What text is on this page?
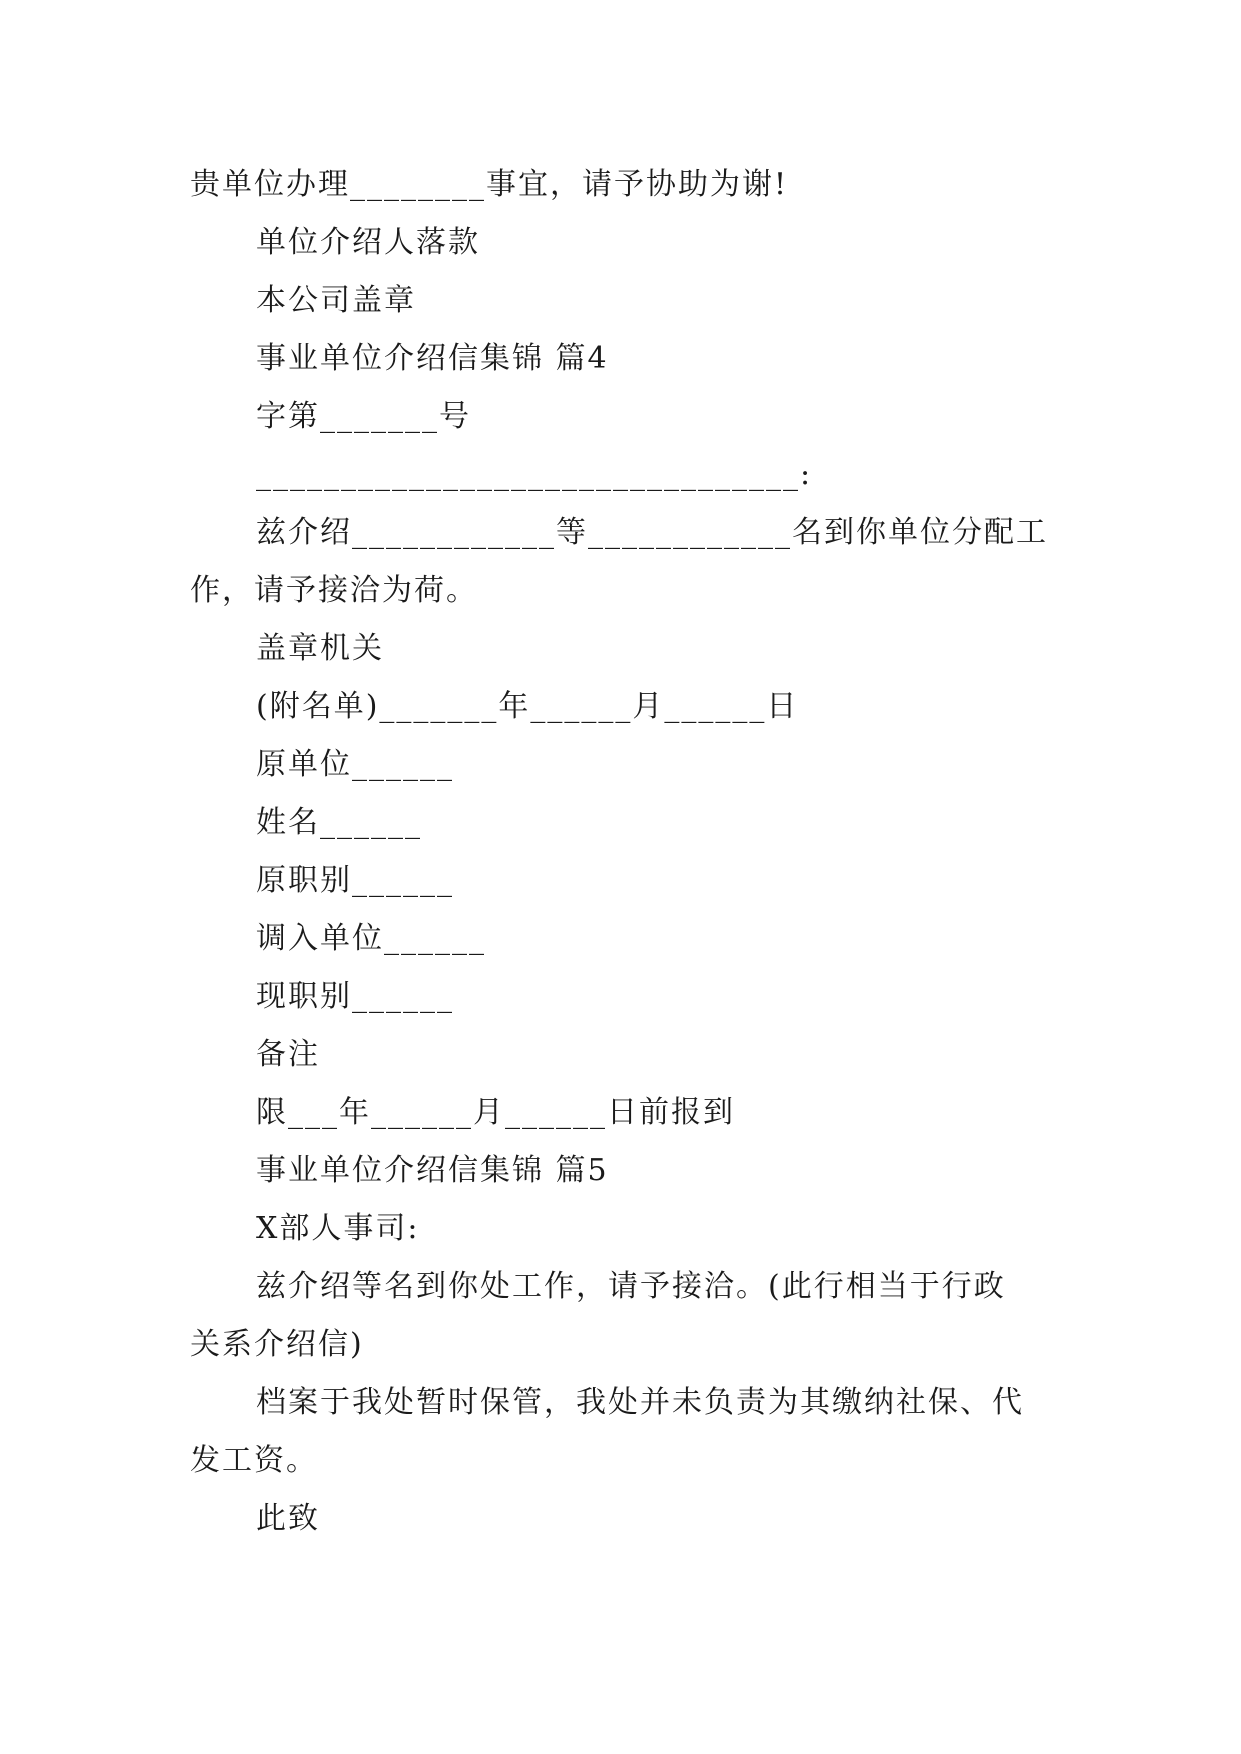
贵单位办理________事宜，请予协助为谢!
单位介绍人落款
本公司盖章
事业单位介绍信集锦 篇4
字第_______号
________________________________:
兹介绍____________等____________名到你单位分配工
作，请予接洽为荷。
盖章机关
(附名单)_______年______月______日
原单位______
姓名______
原职别______
调入单位______
现职别______
备注
限___年______月______日前报到
事业单位介绍信集锦 篇5
X部人事司:
兹介绍等名到你处工作，请予接洽。(此行相当于行政
关系介绍信)
档案于我处暂时保管，我处并未负责为其缴纳社保、代
发工资。
此致
